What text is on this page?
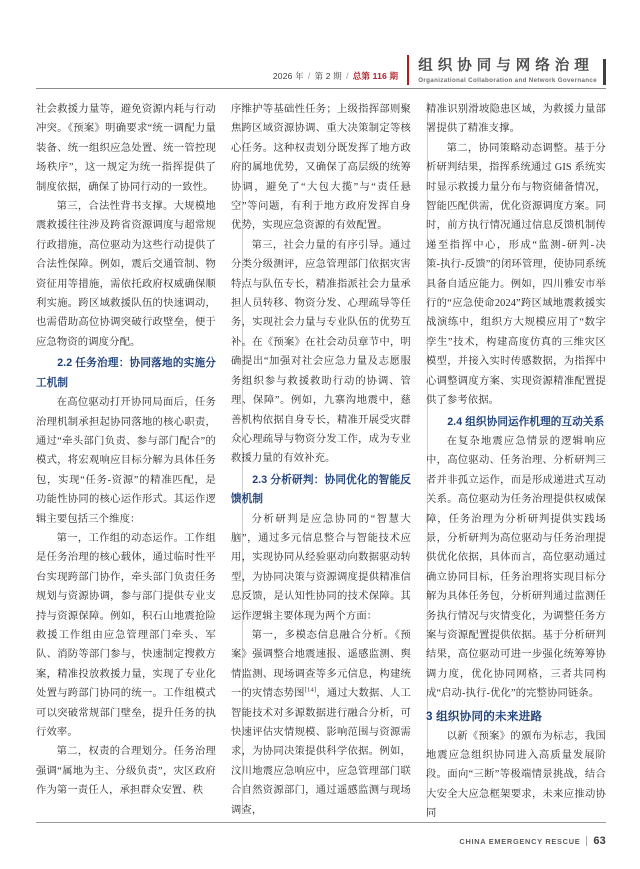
2026 年 / 第 2 期 / 总第 116 期
组织协同与网络治理
Organizational Collaboration and Network Governance

社会救援力量等，避免资源内耗与行动冲突。《预案》明确要求“统一调配力量装备、统一组织应急处置、统一管控现场秩序”，这一规定为统一指挥提供了制度依据，确保了协同行动的一致性。

第三，合法性背书支撑。大规模地震救援往往涉及跨省资源调度与超常规行政措施，高位驱动为这些行动提供了合法性保障。例如，震后交通管制、物资征用等措施，需依托政府权威确保顺利实施。跨区域救援队伍的快速调动，也需借助高位协调突破行政壁垒，便于应急物资的调度分配。

2.2 任务治理：协同落地的实施分工机制

在高位驱动打开协同局面后，任务治理机制承担起协同落地的核心职责，通过“牵头部门负责、参与部门配合”的模式，将宏观响应目标分解为具体任务包，实现“任务‑资源”的精准匹配，是功能性协同的核心运作形式。其运作逻辑主要包括三个维度：

第一，工作组的动态运作。工作组是任务治理的核心载体，通过临时性平台实现跨部门协作，牵头部门负责任务规划与资源协调，参与部门提供专业支持与资源保障。例如，积石山地震抢险救援工作组由应急管理部门牵头、军队、消防等部门参与，快速制定搜救方案，精准投放救援力量，实现了专业化处置与跨部门协同的统一。工作组模式可以突破常规部门壁垒，提升任务的执行效率。

第二，权责的合理划分。任务治理强调“属地为主、分级负责”，灾区政府作为第一责任人，承担群众安置、秩

序维护等基础性任务；上级指挥部则聚焦跨区域资源协调、重大决策制定等核心任务。这种权责划分既发挥了地方政府的属地优势，又确保了高层级的统筹协调，避免了“大包大揽”与“责任悬空”等问题，有利于地方政府发挥自身优势，实现应急资源的有效配置。

第三，社会力量的有序引导。通过分类分级测评，应急管理部门依据灾害特点与队伍专长，精准指派社会力量承担人员转移、物资分发、心理疏导等任务，实现社会力量与专业队伍的优势互补。在《预案》在社会动员章节中，明确提出“加强对社会应急力量及志愿服务组织参与救援救助行动的协调、管理、保障”。例如，九寨沟地震中，慈善机构依据自身专长，精准开展受灾群众心理疏导与物资分发工作，成为专业救援力量的有效补充。

2.3 分析研判：协同优化的智能反馈机制

分析研判是应急协同的“智慧大脑”，通过多元信息整合与智能技术应用，实现协同从经验驱动向数据驱动转型，为协同决策与资源调度提供精准信息反馈，是认知性协同的技术保障。其运作逻辑主要体现为两个方面：

第一，多模态信息融合分析。《预案》强调整合地震速报、遥感监测、舆情监测、现场调查等多元信息，构建统一的灾情态势图[14]，通过大数据、人工智能技术对多源数据进行融合分析，可快速评估灾情规模、影响范围与资源需求，为协同决策提供科学依据。例如，汶川地震应急响应中，应急管理部门联合自然资源部门，通过遥感监测与现场调查，

精准识别滑坡隐患区域，为救援力量部署提供了精准支撑。

第二，协同策略动态调整。基于分析研判结果，指挥系统通过 GIS 系统实时显示救援力量分布与物资储备情况，智能匹配供需，优化资源调度方案。同时，前方执行情况通过信息反馈机制传递至指挥中心，形成“监测‑研判‑决策‑执行‑反馈”的闭环管理，使协同系统具备自适应能力。例如，四川雅安市举行的“应急使命2024”跨区域地震救援实战演练中，组织方大规模应用了“数字孪生”技术，构建高度仿真的三维灾区模型，并接入实时传感数据，为指挥中心调整调度方案、实现资源精准配置提供了参考依据。

2.4 组织协同运作机理的互动关系

在复杂地震应急情景的逻辑响应中，高位驱动、任务治理、分析研判三者并非孤立运作，而是形成递进式互动关系。高位驱动为任务治理提供权威保障，任务治理为分析研判提供实践场景，分析研判为高位驱动与任务治理提供优化依据，具体而言，高位驱动通过确立协同目标，任务治理将实现目标分解为具体任务包，分析研判通过监测任务执行情况与灾情变化，为调整任务方案与资源配置提供依据。基于分析研判结果，高位驱动可进一步强化统筹筹协调力度，优化协同网格，三者共同构成“启动‑执行‑优化”的完整协同链条。

3 组织协同的未来进路

以新《预案》的颁布为标志，我国地震应急组织协同进入高质量发展阶段。面向“三断”等极端情景挑战，结合大安全大应急框架要求，未来应推动协同

CHINA EMERGENCY RESCUE 63
